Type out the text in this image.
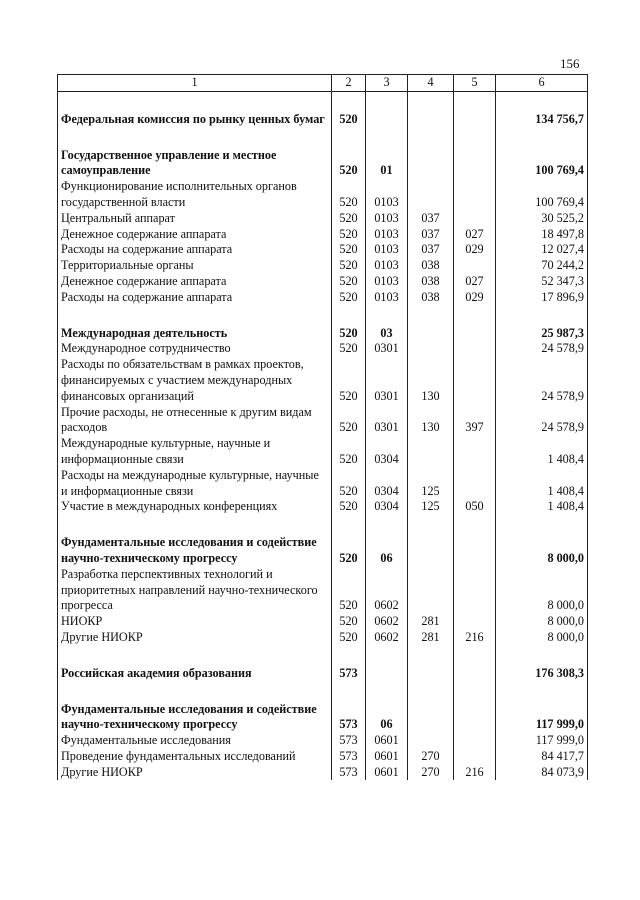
156
1	2	3	4	5	6

Федеральная комиссия по рынку ценных бумаг	520				134 756,7

Государственное управление и местное самоуправление	520	01			100 769,4
Функционирование исполнительных органов государственной власти	520	0103			100 769,4
Центральный аппарат	520	0103	037		30 525,2
Денежное содержание аппарата	520	0103	037	027	18 497,8
Расходы на содержание аппарата	520	0103	037	029	12 027,4
Территориальные органы	520	0103	038		70 244,2
Денежное содержание аппарата	520	0103	038	027	52 347,3
Расходы на содержание аппарата	520	0103	038	029	17 896,9

Международная деятельность	520	03			25 987,3
Международное сотрудничество	520	0301			24 578,9
Расходы по обязательствам в рамках проектов, финансируемых с участием международных финансовых организаций	520	0301	130		24 578,9
Прочие расходы, не отнесенные к другим видам расходов	520	0301	130	397	24 578,9
Международные культурные, научные и информационные связи	520	0304			1 408,4
Расходы на международные культурные, научные и информационные связи	520	0304	125		1 408,4
Участие в международных конференциях	520	0304	125	050	1 408,4

Фундаментальные исследования и содействие научно-техническому прогрессу	520	06			8 000,0
Разработка перспективных технологий и приоритетных направлений научно-технического прогресса	520	0602			8 000,0
НИОКР	520	0602	281		8 000,0
Другие НИОКР	520	0602	281	216	8 000,0

Российская академия образования	573				176 308,3

Фундаментальные исследования и содействие научно-техническому прогрессу	573	06			117 999,0
Фундаментальные исследования	573	0601			117 999,0
Проведение фундаментальных исследований	573	0601	270		84 417,7
Другие НИОКР	573	0601	270	216	84 073,9
